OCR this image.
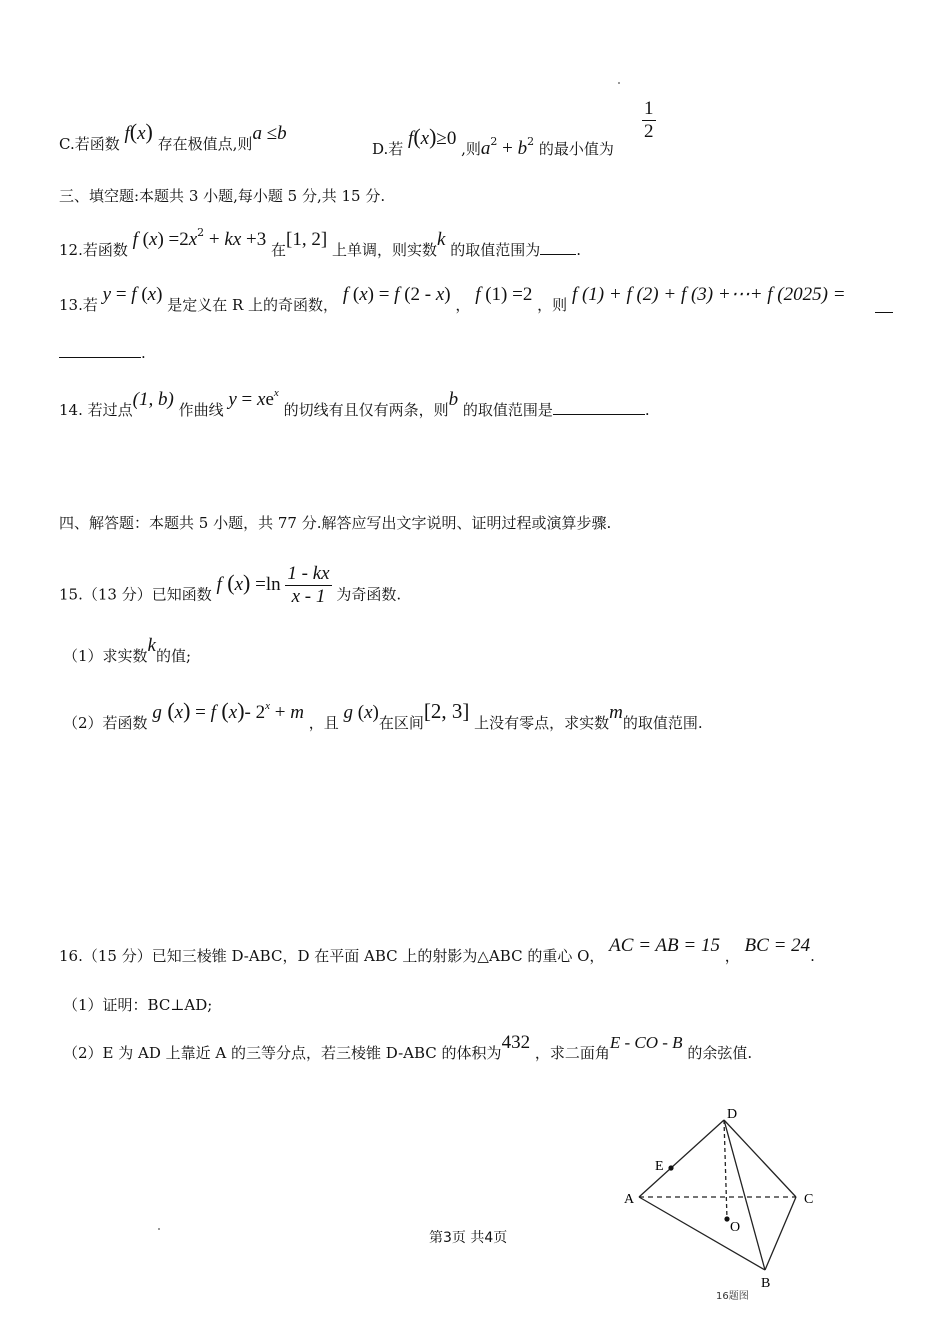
C.若函数 f(x) 存在极值点,则a ≤b
D.若 f(x)≥0 ,则$a^2 + b^2$ 的最小值为
$\frac{1}{2}$
三、填空题:本题共 3 小题,每小题 5 分,共 15 分.
12.若函数 f $(x) =2x^2$ + kx +3 在[1, 2] 上单调，则实数k 的取值范围为 .
13.若 y = f (x) 是定义在 R 上的奇函数， f (x) = f (2 - x) ， f (1) =2 ，则 f (1) + f (2) + f (3) +⋯+ f (2025) =
.
14. 若过点(1, b) 作曲线 $y = xe^x$ 的切线有且仅有两条，则b 的取值范围是	.
四、解答题：本题共 5 小题，共 77 分.解答应写出文字说明、证明过程或演算步骤.
15.（13 分）已知函数 f $(x) =\ln \frac{1 - kx}{x - 1}$ 为奇函数.
（1）求实数k的值;
（2）若函数 g (x) = f (x)- $2^x + m$ ，且 g (x)在区间[2, 3] 上没有零点，求实数m的取值范围.
16.（15 分）已知三棱锥 D-ABC，D 在平面 ABC 上的射影为△ABC 的重心 O， AC = AB = 15 ， BC = 24.
（1）证明：BC⊥AD;
（2）E 为 AD 上靠近 A 的三等分点，若三棱锥 D-ABC 的体积为432 ，求二面角E - CO - B 的余弦值.
D
E
A	C
O
B
16题图
第3页 共4页
